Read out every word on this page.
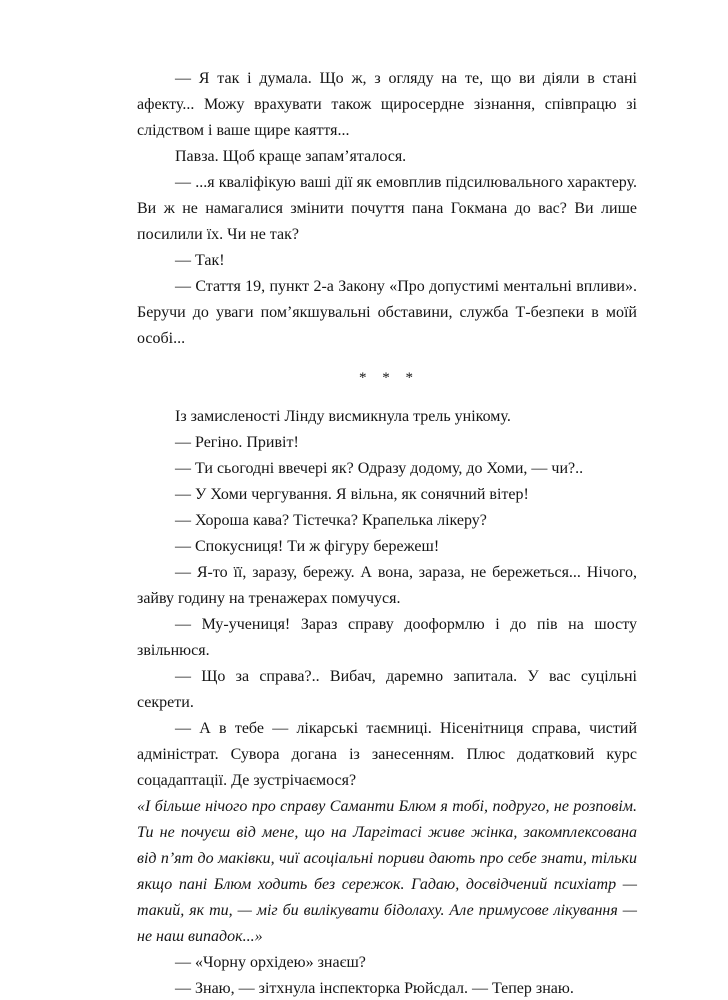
— Я так і думала. Що ж, з огляду на те, що ви діяли в стані афекту... Можу врахувати також щиросердне зізнання, співпрацю зі слідством і ваше щире каяття...

Павза. Щоб краще запам’яталося.

— ...я кваліфікую ваші дії як емовплив підсилювального характеру. Ви ж не намагалися змінити почуття пана Гокмана до вас? Ви лише посилили їх. Чи не так?

— Так!

— Стаття 19, пункт 2-а Закону «Про допустимі ментальні впливи». Беручи до уваги пом’якшувальні обставини, служба Т-безпеки в моїй особі...

* * *

Із замисленості Лінду висмикнула трель унікому.

— Регіно. Привіт!

— Ти сьогодні ввечері як? Одразу додому, до Хоми, — чи?..

— У Хоми чергування. Я вільна, як сонячний вітер!

— Хороша кава? Тістечка? Крапелька лікеру?

— Спокусниця! Ти ж фігуру бережеш!

— Я-то її, заразу, бережу. А вона, зараза, не бережеться... Нічого, зайву годину на тренажерах помучуся.

— Му-учениця! Зараз справу дооформлю і до пів на шосту звільнюся.

— Що за справа?.. Вибач, даремно запитала. У вас суцільні секрети.

— А в тебе — лікарські таємниці. Нісенітниця справа, чистий адміністрат. Сувора догана із занесенням. Плюс додатковий курс соцадаптації. Де зустрічаємося?

«І більше нічого про справу Саманти Блюм я тобі, подруго, не розповім. Ти не почуєш від мене, що на Ларгітасі живе жінка, закомплексована від п’ят до маківки, чиї асоціальні пориви дають про себе знати, тільки якщо пані Блюм ходить без сережок. Гадаю, досвідчений психіатр — такий, як ти, — міг би вилікувати бідолаху. Але примусове лікування — не наш випадок...»

— «Чорну орхідею» знаєш?

— Знаю, — зітхнула інспекторка Рюйсдал. — Тепер знаю.
